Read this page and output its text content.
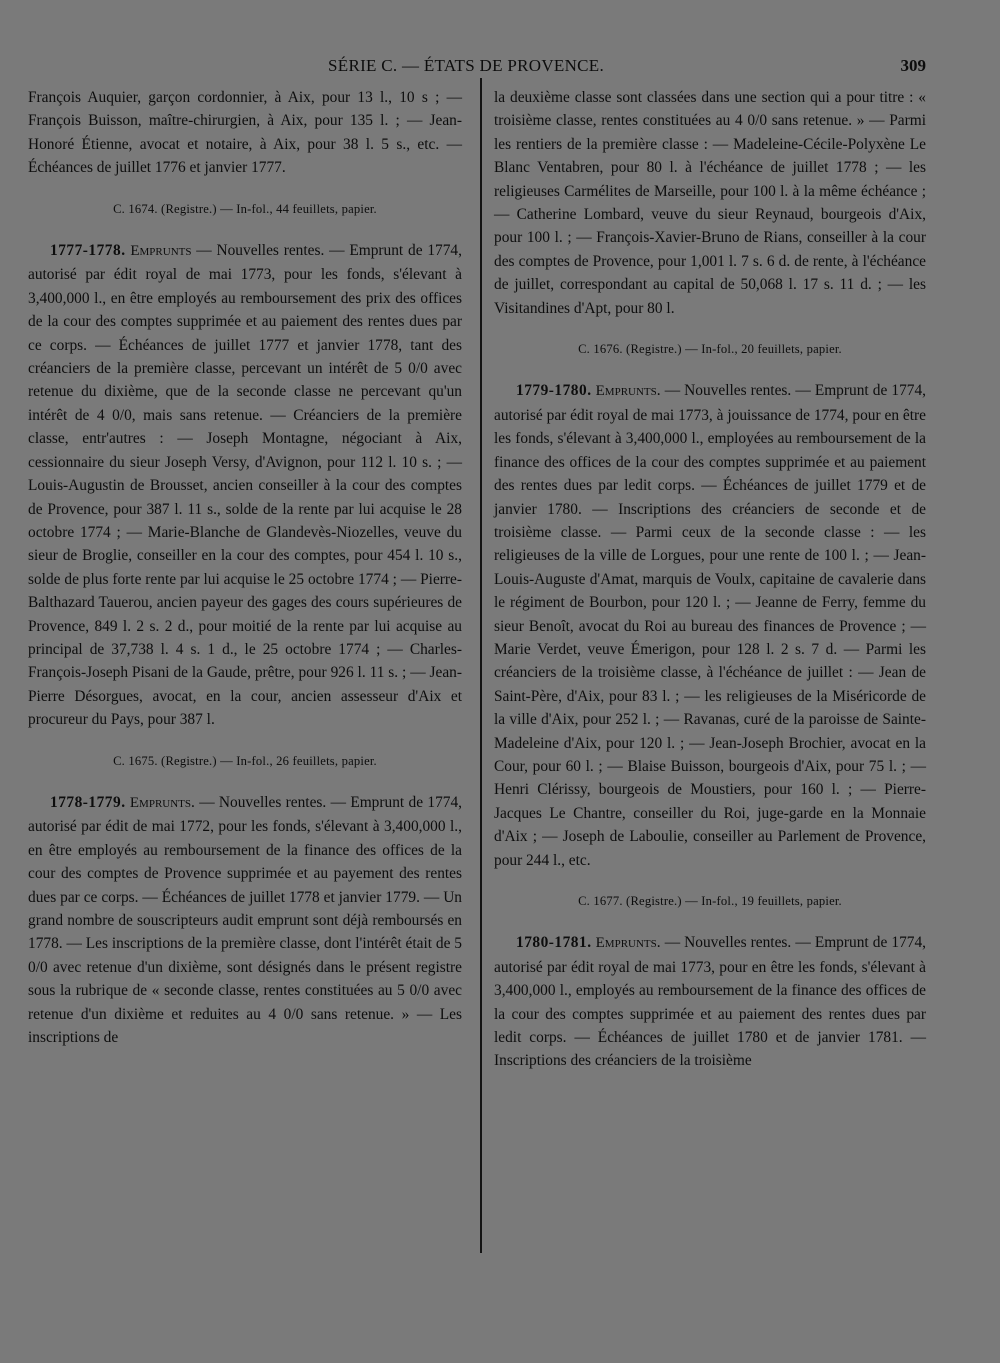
SÉRIE C. — ÉTATS DE PROVENCE.	309

François Auquier, garçon cordonnier, à Aix, pour 13 l., 10 s ; — François Buisson, maître-chirurgien, à Aix, pour 135 l. ; — Jean-Honoré Étienne, avocat et notaire, à Aix, pour 38 l. 5 s., etc. — Échéances de juillet 1776 et janvier 1777.

C. 1674. (Registre.) — In-fol., 44 feuillets, papier.

1777-1778. Emprunts — Nouvelles rentes. — Emprunt de 1774, autorisé par édit royal de mai 1773, pour les fonds, s'élevant à 3,400,000 l., en être employés au remboursement des prix des offices de la cour des comptes supprimée et au paiement des rentes dues par ce corps. — Échéances de juillet 1777 et janvier 1778, tant des créanciers de la première classe, percevant un intérêt de 5 0/0 avec retenue du dixième, que de la seconde classe ne percevant qu'un intérêt de 4 0/0, mais sans retenue. — Créanciers de la première classe, entr'autres : — Joseph Montagne, négociant à Aix, cessionnaire du sieur Joseph Versy, d'Avignon, pour 112 l. 10 s. ; — Louis-Augustin de Brousset, ancien conseiller à la cour des comptes de Provence, pour 387 l. 11 s., solde de la rente par lui acquise le 28 octobre 1774 ; — Marie-Blanche de Glandevès-Niozelles, veuve du sieur de Broglie, conseiller en la cour des comptes, pour 454 l. 10 s., solde de plus forte rente par lui acquise le 25 octobre 1774 ; — Pierre-Balthazard Tauerou, ancien payeur des gages des cours supérieures de Provence, 849 l. 2 s. 2 d., pour moitié de la rente par lui acquise au principal de 37,738 l. 4 s. 1 d., le 25 octobre 1774 ; — Charles-François-Joseph Pisani de la Gaude, prêtre, pour 926 l. 11 s. ; — Jean-Pierre Désorgues, avocat, en la cour, ancien assesseur d'Aix et procureur du Pays, pour 387 l.

C. 1675. (Registre.) — In-fol., 26 feuillets, papier.

1778-1779. Emprunts. — Nouvelles rentes. — Emprunt de 1774, autorisé par édit de mai 1772, pour les fonds, s'élevant à 3,400,000 l., en être employés au remboursement de la finance des offices de la cour des comptes de Provence supprimée et au payement des rentes dues par ce corps. — Échéances de juillet 1778 et janvier 1779. — Un grand nombre de souscripteurs audit emprunt sont déjà remboursés en 1778. — Les inscriptions de la première classe, dont l'intérêt était de 5 0/0 avec retenue d'un dixième, sont désignés dans le présent registre sous la rubrique de « seconde classe, rentes constituées au 5 0/0 avec retenue d'un dixième et reduites au 4 0/0 sans retenue. » — Les inscriptions de

la deuxième classe sont classées dans une section qui a pour titre : « troisième classe, rentes constituées au 4 0/0 sans retenue. » — Parmi les rentiers de la première classe : — Madeleine-Cécile-Polyxène Le Blanc Ventabren, pour 80 l. à l'échéance de juillet 1778 ; — les religieuses Carmélites de Marseille, pour 100 l. à la même échéance ; — Catherine Lombard, veuve du sieur Reynaud, bourgeois d'Aix, pour 100 l. ; — François-Xavier-Bruno de Rians, conseiller à la cour des comptes de Provence, pour 1,001 l. 7 s. 6 d. de rente, à l'échéance de juillet, correspondant au capital de 50,068 l. 17 s. 11 d. ; — les Visitandines d'Apt, pour 80 l.

C. 1676. (Registre.) — In-fol., 20 feuillets, papier.

1779-1780. Emprunts. — Nouvelles rentes. — Emprunt de 1774, autorisé par édit royal de mai 1773, à jouissance de 1774, pour en être les fonds, s'élevant à 3,400,000 l., employées au remboursement de la finance des offices de la cour des comptes supprimée et au paiement des rentes dues par ledit corps. — Échéances de juillet 1779 et de janvier 1780. — Inscriptions des créanciers de seconde et de troisième classe. — Parmi ceux de la seconde classe : — les religieuses de la ville de Lorgues, pour une rente de 100 l. ; — Jean-Louis-Auguste d'Amat, marquis de Voulx, capitaine de cavalerie dans le régiment de Bourbon, pour 120 l. ; — Jeanne de Ferry, femme du sieur Benoît, avocat du Roi au bureau des finances de Provence ; — Marie Verdet, veuve Émerigon, pour 128 l. 2 s. 7 d. — Parmi les créanciers de la troisième classe, à l'échéance de juillet : — Jean de Saint-Père, d'Aix, pour 83 l. ; — les religieuses de la Miséricorde de la ville d'Aix, pour 252 l. ; — Ravanas, curé de la paroisse de Sainte-Madeleine d'Aix, pour 120 l. ; — Jean-Joseph Brochier, avocat en la Cour, pour 60 l. ; — Blaise Buisson, bourgeois d'Aix, pour 75 l. ; — Henri Clérissy, bourgeois de Moustiers, pour 160 l. ; — Pierre-Jacques Le Chantre, conseiller du Roi, juge-garde en la Monnaie d'Aix ; — Joseph de Laboulie, conseiller au Parlement de Provence, pour 244 l., etc.

C. 1677. (Registre.) — In-fol., 19 feuillets, papier.

1780-1781. Emprunts. — Nouvelles rentes. — Emprunt de 1774, autorisé par édit royal de mai 1773, pour en être les fonds, s'élevant à 3,400,000 l., employés au remboursement de la finance des offices de la cour des comptes supprimée et au paiement des rentes dues par ledit corps. — Échéances de juillet 1780 et de janvier 1781. — Inscriptions des créanciers de la troisième
